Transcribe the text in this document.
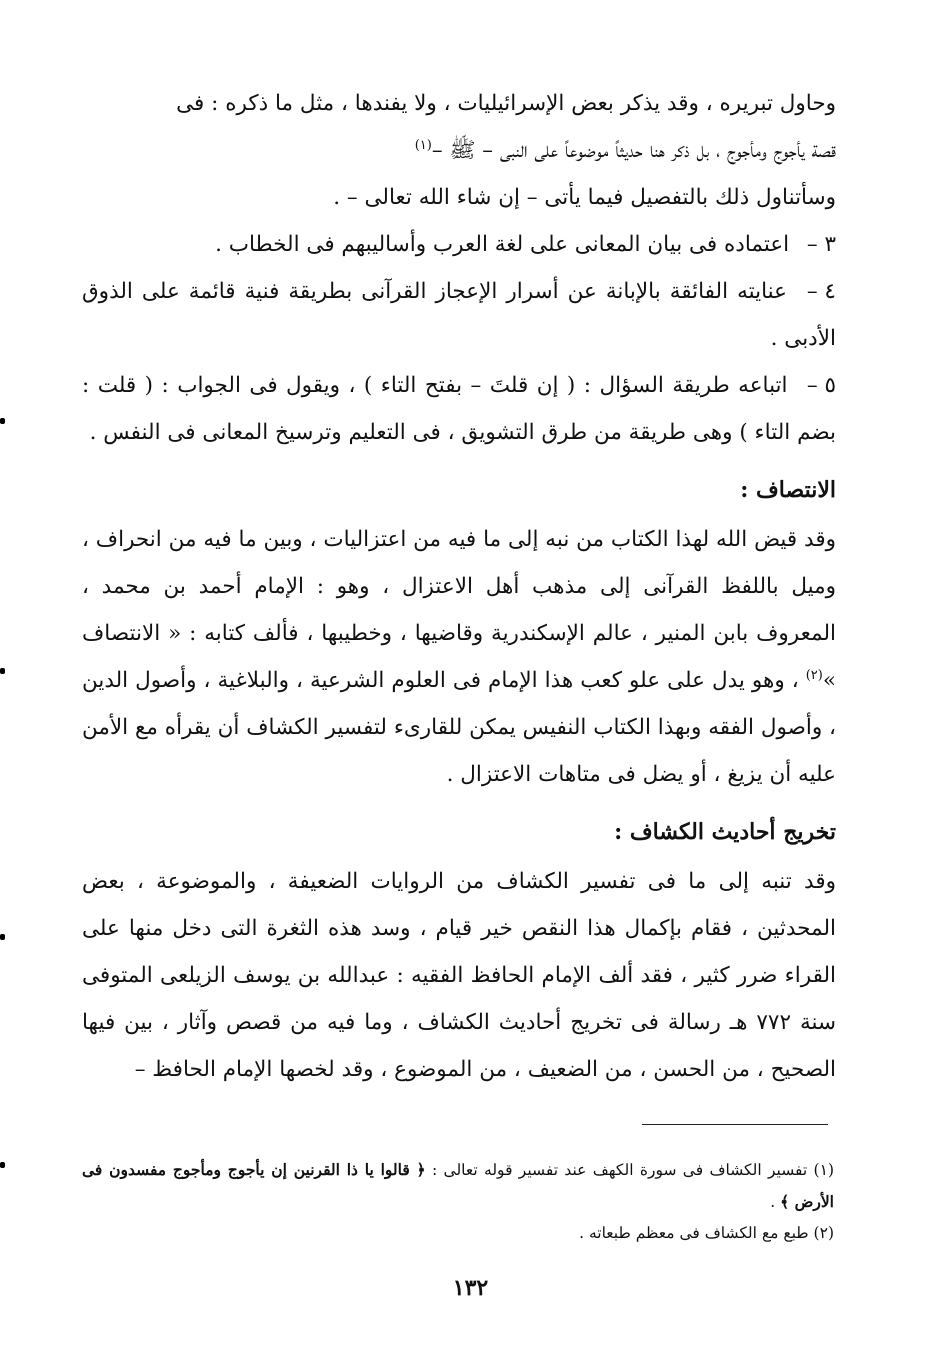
وحاول تبريره ، وقد يذكر بعض الإسرائيليات ، ولا يفندها ، مثل ما ذكره : فى
قصة يأجوج ومأجوج ، بل ذكر هنا حديثاً موضوعاً على النبى – ﷺ –$^{(١)}$
وسأتناول ذلك بالتفصيل فيما يأتى – إن شاء الله تعالى – .

٣ – اعتماده فى بيان المعانى على لغة العرب وأساليبهم فى الخطاب .

٤ – عنايته الفائقة بالإبانة عن أسرار الإعجاز القرآنى بطريقة فنية قائمة على الذوق الأدبى .

٥ – اتباعه طريقة السؤال : ( إن قلتَ – بفتح التاء ) ، ويقول فى الجواب : ( قلت : بضم التاء ) وهى طريقة من طرق التشويق ، فى التعليم وترسيخ المعانى فى النفس .

الانتصاف :

وقد قيض الله لهذا الكتاب من نبه إلى ما فيه من اعتزاليات ، وبين ما فيه من انحراف ، وميل باللفظ القرآنى إلى مذهب أهل الاعتزال ، وهو : الإمام أحمد بن محمد ، المعروف بابن المنير ، عالم الإسكندرية وقاضيها ، وخطيبها ، فألف كتابه : « الانتصاف »$^{(٢)}$ ، وهو يدل على علو كعب هذا الإمام فى العلوم الشرعية ، والبلاغية ، وأصول الدين ، وأصول الفقه وبهذا الكتاب النفيس يمكن للقارىء لتفسير الكشاف أن يقرأه مع الأمن عليه أن يزيغ ، أو يضل فى متاهات الاعتزال .

تخريج أحاديث الكشاف :

وقد تنبه إلى ما فى تفسير الكشاف من الروايات الضعيفة ، والموضوعة ، بعض المحدثين ، فقام بإكمال هذا النقص خير قيام ، وسد هذه الثغرة التى دخل منها على القراء ضرر كثير ، فقد ألف الإمام الحافظ الفقيه : عبدالله بن يوسف الزيلعى المتوفى سنة ٧٧٢ هـ رسالة فى تخريج أحاديث الكشاف ، وما فيه من قصص وآثار ، بين فيها الصحيح ، من الحسن ، من الضعيف ، من الموضوع ، وقد لخصها الإمام الحافظ –

(١) تفسير الكشاف فى سورة الكهف عند تفسير قوله تعالى : ﴿ قالوا يا ذا القرنين إن يأجوج ومأجوج مفسدون فى الأرض ﴾ .

(٢) طبع مع الكشاف فى معظم طبعاته .

١٣٢
